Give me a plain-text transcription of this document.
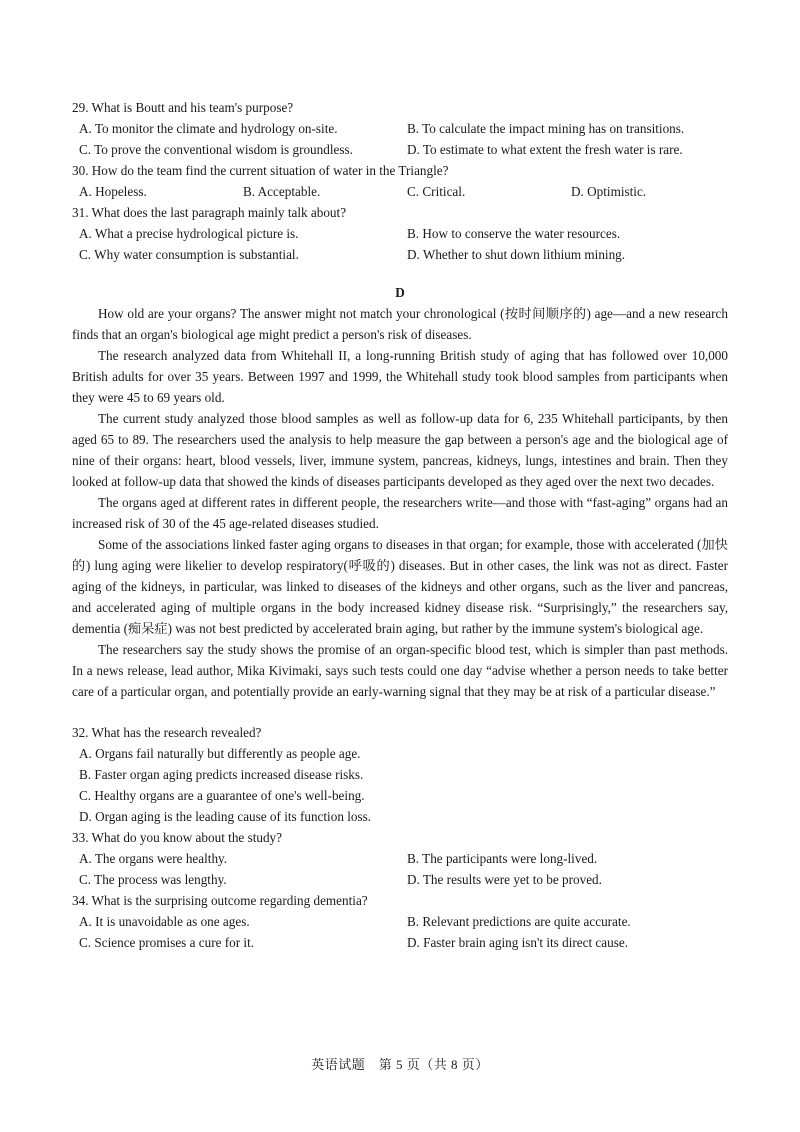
29. What is Boutt and his team's purpose?
A. To monitor the climate and hydrology on-site.	B. To calculate the impact mining has on transitions.
C. To prove the conventional wisdom is groundless.	D. To estimate to what extent the fresh water is rare.
30. How do the team find the current situation of water in the Triangle?
A. Hopeless.	B. Acceptable.	C. Critical.	D. Optimistic.
31. What does the last paragraph mainly talk about?
A. What a precise hydrological picture is.	B. How to conserve the water resources.
C. Why water consumption is substantial.	D. Whether to shut down lithium mining.
D

How old are your organs? The answer might not match your chronological (按时间顺序的) age—and a new research finds that an organ's biological age might predict a person's risk of diseases.

The research analyzed data from Whitehall II, a long-running British study of aging that has followed over 10,000 British adults for over 35 years. Between 1997 and 1999, the Whitehall study took blood samples from participants when they were 45 to 69 years old.

The current study analyzed those blood samples as well as follow-up data for 6, 235 Whitehall participants, by then aged 65 to 89. The researchers used the analysis to help measure the gap between a person's age and the biological age of nine of their organs: heart, blood vessels, liver, immune system, pancreas, kidneys, lungs, intestines and brain. Then they looked at follow-up data that showed the kinds of diseases participants developed as they aged over the next two decades.

The organs aged at different rates in different people, the researchers write—and those with “fast-aging” organs had an increased risk of 30 of the 45 age-related diseases studied.

Some of the associations linked faster aging organs to diseases in that organ; for example, those with accelerated (加快的) lung aging were likelier to develop respiratory(呼吸的) diseases. But in other cases, the link was not as direct. Faster aging of the kidneys, in particular, was linked to diseases of the kidneys and other organs, such as the liver and pancreas, and accelerated aging of multiple organs in the body increased kidney disease risk. “Surprisingly,” the researchers say, dementia (痴呆症) was not best predicted by accelerated brain aging, but rather by the immune system's biological age.

The researchers say the study shows the promise of an organ-specific blood test, which is simpler than past methods. In a news release, lead author, Mika Kivimaki, says such tests could one day “advise whether a person needs to take better care of a particular organ, and potentially provide an early-warning signal that they may be at risk of a particular disease.”

32. What has the research revealed?
A. Organs fail naturally but differently as people age.
B. Faster organ aging predicts increased disease risks.
C. Healthy organs are a guarantee of one's well-being.
D. Organ aging is the leading cause of its function loss.
33. What do you know about the study?
A. The organs were healthy.	B. The participants were long-lived.
C. The process was lengthy.	D. The results were yet to be proved.
34. What is the surprising outcome regarding dementia?
A. It is unavoidable as one ages.	B. Relevant predictions are quite accurate.
C. Science promises a cure for it.	D. Faster brain aging isn't its direct cause.
英语试题　第 5 页（共 8 页）
